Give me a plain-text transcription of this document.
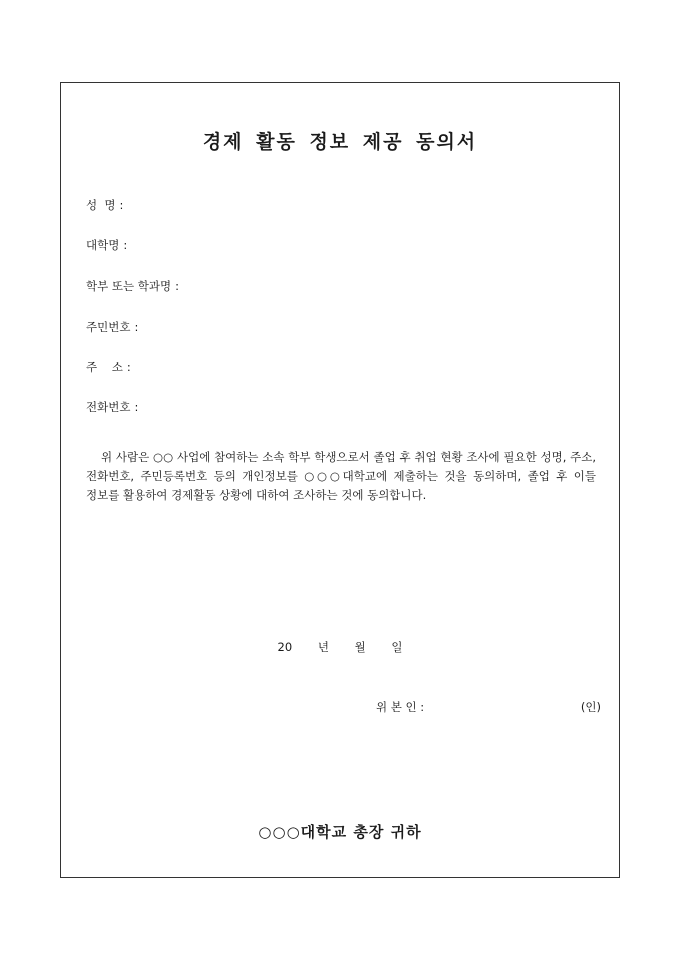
경제 활동 정보 제공 동의서
성  명 :
대학명 :
학부 또는 학과명 :
주민번호 :
주    소 :
전화번호 :
위 사람은 ○○ 사업에 참여하는 소속 학부 학생으로서 졸업 후 취업 현황 조사에 필요한 성명, 주소, 전화번호, 주민등록번호 등의 개인정보를 ○○○대학교에 제출하는 것을 동의하며, 졸업 후 이들 정보를 활용하여 경제활동 상황에 대하여 조사하는 것에 동의합니다.
20 년 월 일
위 본 인 :	(인)
○○○대학교 총장 귀하
